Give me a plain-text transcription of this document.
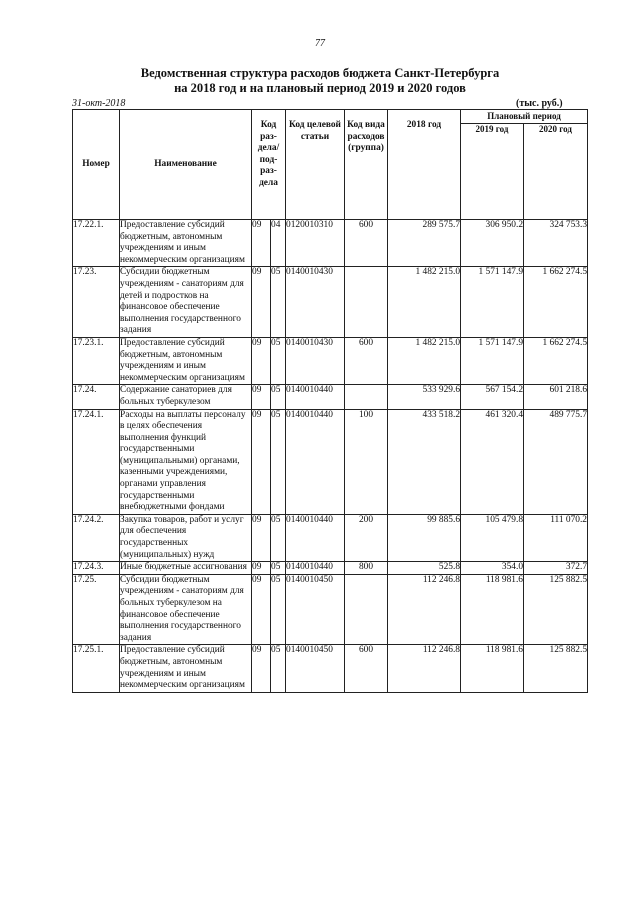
77
Ведомственная структура расходов бюджета Санкт-Петербурга
на 2018 год и на плановый период 2019 и 2020 годов
31-окт-2018	(тыс. руб.)
Номер	Наименование	Код раз- дела/ под- раз- дела		Код целевой статьи	Код вида расходов (группа)	2018 год	Плановый период	
							2019 год	2020 год
17.22.1.	Предоставление субсидий бюджетным, автономным учреждениям и иным некоммерческим организациям	09	04	0120010310	600	289 575.7	306 950.2	324 753.3
17.23.	Субсидии бюджетным учреждениям - санаториям для детей и подростков на финансовое обеспечение выполнения государственного задания	09	05	0140010430		1 482 215.0	1 571 147.9	1 662 274.5
17.23.1.	Предоставление субсидий бюджетным, автономным учреждениям и иным некоммерческим организациям	09	05	0140010430	600	1 482 215.0	1 571 147.9	1 662 274.5
17.24.	Содержание санаториев для больных туберкулезом	09	05	0140010440		533 929.6	567 154.2	601 218.6
17.24.1.	Расходы на выплаты персоналу в целях обеспечения выполнения функций государственными (муниципальными) органами, казенными учреждениями, органами управления государственными внебюджетными фондами	09	05	0140010440	100	433 518.2	461 320.4	489 775.7
17.24.2.	Закупка товаров, работ и услуг для обеспечения государственных (муниципальных) нужд	09	05	0140010440	200	99 885.6	105 479.8	111 070.2
17.24.3.	Иные бюджетные ассигнования	09	05	0140010440	800	525.8	354.0	372.7
17.25.	Субсидии бюджетным учреждениям - санаториям для больных туберкулезом на финансовое обеспечение выполнения государственного задания	09	05	0140010450		112 246.8	118 981.6	125 882.5
17.25.1.	Предоставление субсидий бюджетным, автономным учреждениям и иным некоммерческим организациям	09	05	0140010450	600	112 246.8	118 981.6	125 882.5
